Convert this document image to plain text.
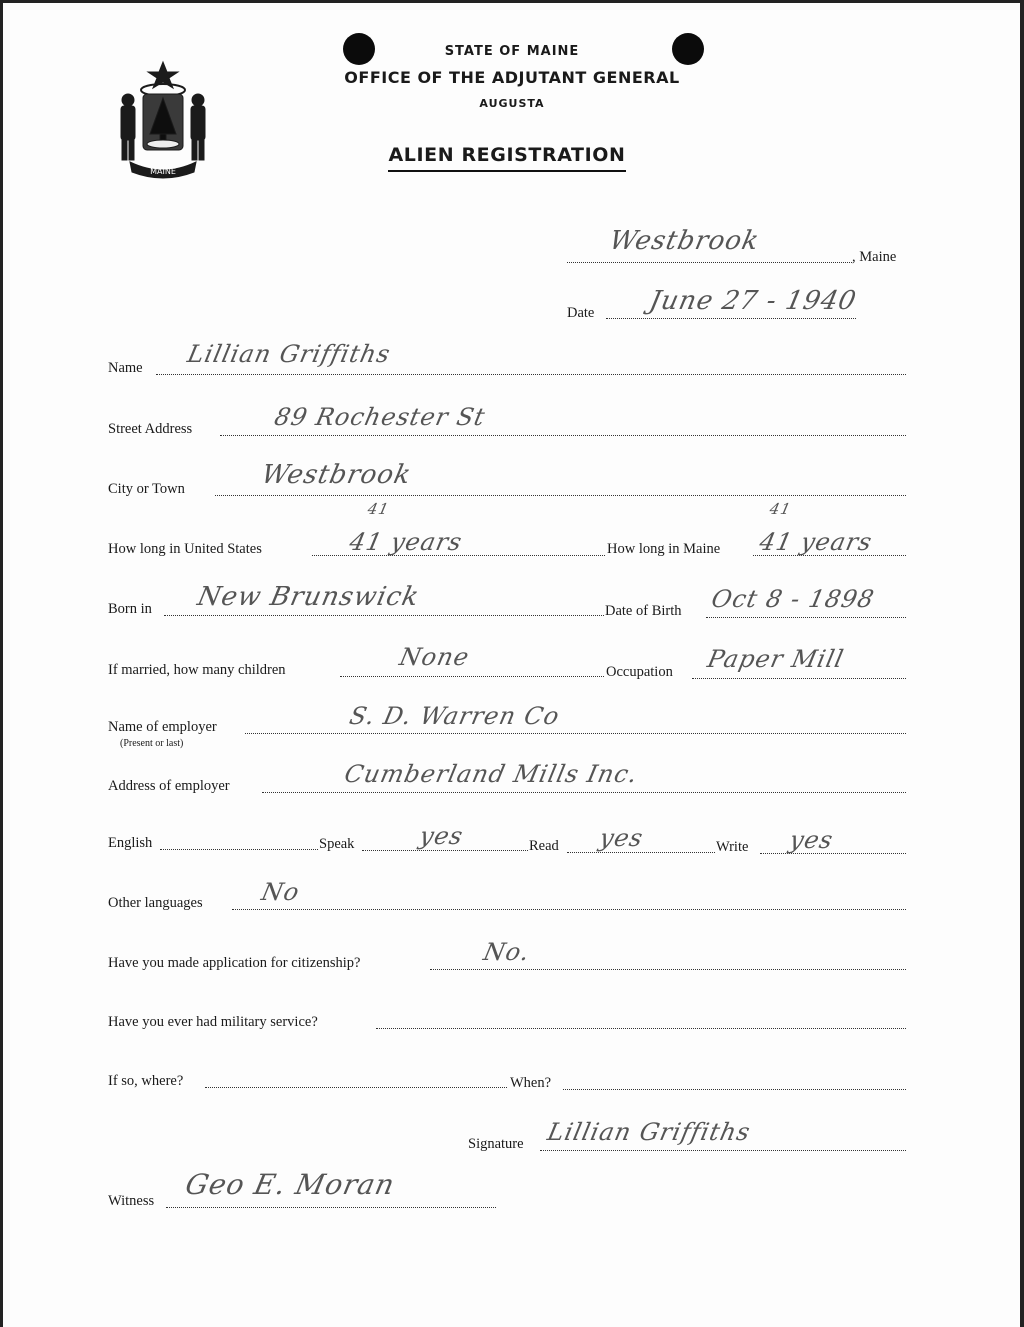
MAINE
STATE OF MAINE
OFFICE OF THE ADJUTANT GENERAL
AUGUSTA
ALIEN REGISTRATION
Westbrook
, Maine
Date June 27 - 1940
Name Lillian Griffiths
Street Address	89 Rochester St
City or Town	Westbrook
41
How long in United States	41 years
41
How long in Maine 41 years
Born in New Brunswick	Date of Birth Oct 8 - 1898
If married, how many children	None
Occupation Paper Mill
Name of employer
(Present or last)
S. D. Warren Co
Address of employer	Cumberland Mills Inc.
English	Speak	yes	Read yes	Write yes
Other languages No
Have you made application for citizenship?	No.
Have you ever had military service?
If so, where?	When?
Signature Lillian Griffiths
Witness Geo E. Moran
